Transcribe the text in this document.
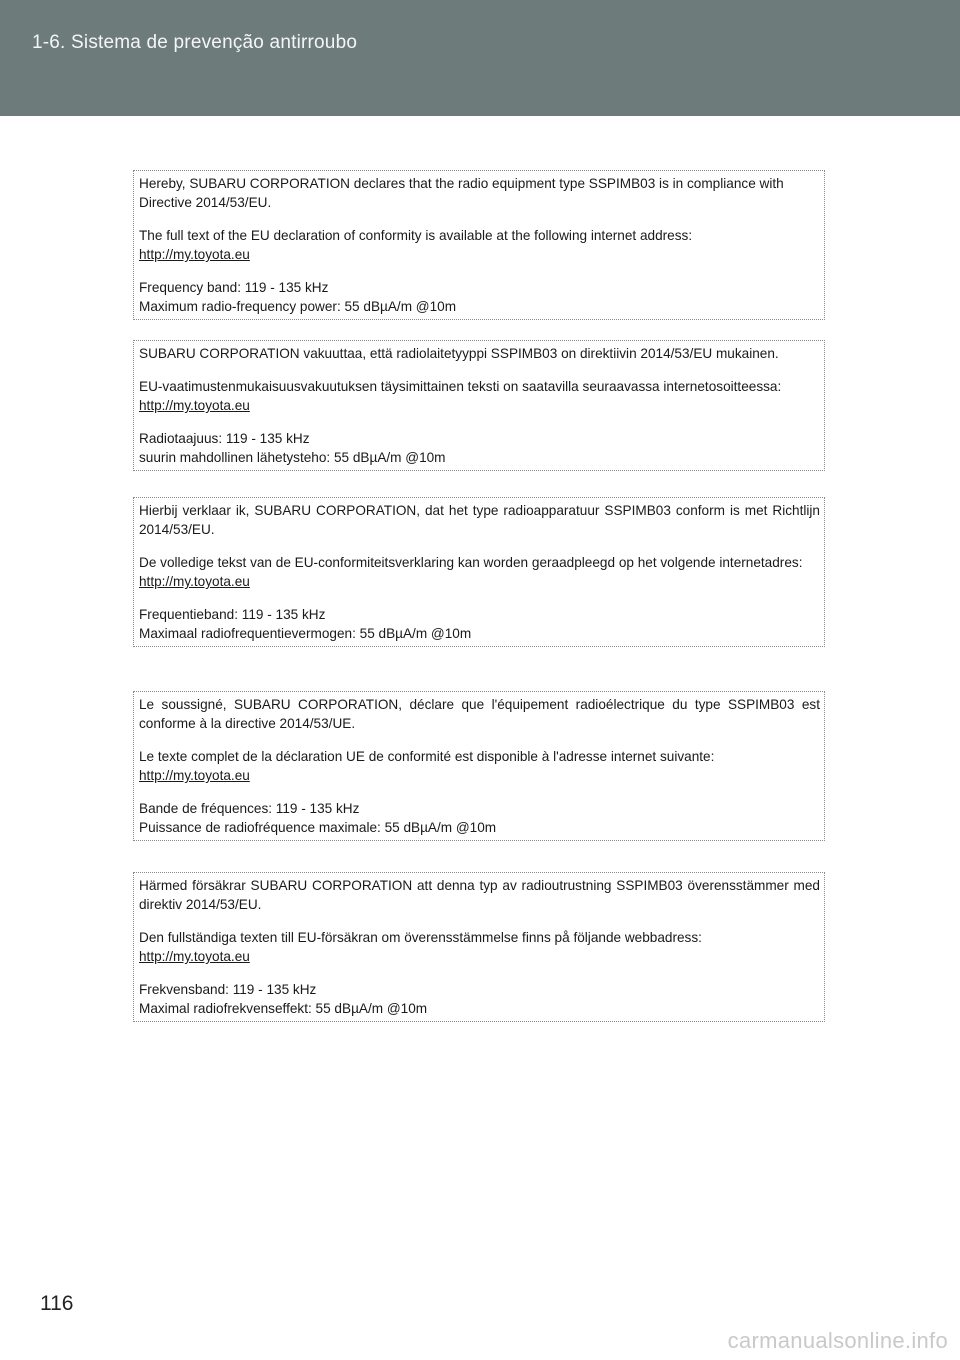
1-6. Sistema de prevenção antirroubo

Hereby, SUBARU CORPORATION declares that the radio equipment type SSPIMB03 is in compliance with Directive 2014/53/EU.

The full text of the EU declaration of conformity is available at the following internet address:

http://my.toyota.eu

Frequency band: 119 - 135 kHz

Maximum radio-frequency power: 55 dBµA/m @10m

SUBARU CORPORATION vakuuttaa, että radiolaitetyyppi SSPIMB03 on direktiivin 2014/53/EU mukainen.

EU-vaatimustenmukaisuusvakuutuksen täysimittainen teksti on saatavilla seuraavassa internetosoitteessa:

http://my.toyota.eu

Radiotaajuus: 119 - 135 kHz

suurin mahdollinen lähetysteho: 55 dBµA/m @10m

Hierbij verklaar ik, SUBARU CORPORATION, dat het type radioapparatuur SSPIMB03 conform is met Richtlijn 2014/53/EU.

De volledige tekst van de EU-conformiteitsverklaring kan worden geraadpleegd op het volgende internetadres:

http://my.toyota.eu

Frequentieband: 119 - 135 kHz

Maximaal radiofrequentievermogen: 55 dBµA/m @10m

Le soussigné, SUBARU CORPORATION, déclare que l'équipement radioélectrique du type SSPIMB03 est conforme à la directive 2014/53/UE.

Le texte complet de la déclaration UE de conformité est disponible à l'adresse internet suivante:

http://my.toyota.eu

Bande de fréquences: 119 - 135 kHz

Puissance de radiofréquence maximale: 55 dBµA/m @10m

Härmed försäkrar SUBARU CORPORATION att denna typ av radioutrustning SSPIMB03 överensstämmer med direktiv 2014/53/EU.

Den fullständiga texten till EU-försäkran om överensstämmelse finns på följande webbadress:

http://my.toyota.eu

Frekvensband: 119 - 135 kHz

Maximal radiofrekvenseffekt: 55 dBµA/m @10m

116
carmanualsonline.info
